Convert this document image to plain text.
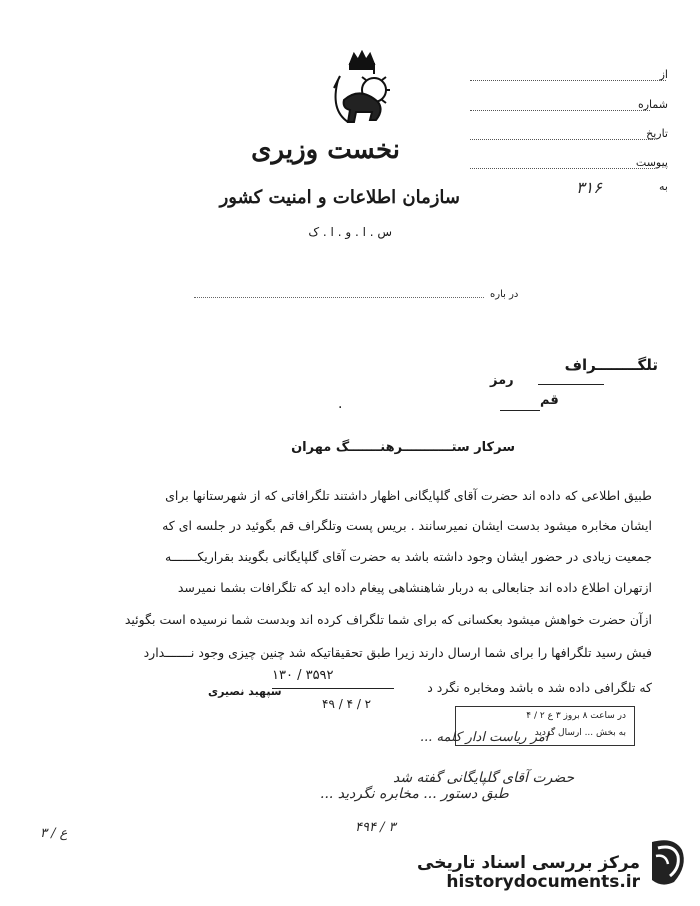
نخست وزیری
سازمان اطلاعات و امنیت کشور
س . ا . و . ا . ک
از
شماره
تاریخ
پیوست
به
۳۱۶
در باره
تلگــــــــراف
رمز
قم
.
سرکار ستـــــــــــرهنـــــــگ مهران
طبیق اطلاعی که داده اند حضرت آقای گلپایگانی اظهار داشتند تلگرافاتی که از شهرستانها برای
ایشان مخابره میشود بدست ایشان نمیرسانند . بریس پست وتلگراف قم بگوئید در جلسه ای که
جمعیت زیادی در حضور ایشان وجود داشته باشد به حضرت آقای گلپایگانی بگویند بقراریکـــــــه
ازتهران اطلاع داده اند جنابعالی به دربار شاهنشاهی پیغام داده اید که تلگرافات بشما نمیرسد
ازآن حضرت خواهش میشود بعکسانی که برای شما تلگراف کرده اند وبدست شما نرسیده است بگوئید
فیش رسید تلگرافها را برای شما ارسال دارند زیرا طبق تحقیقاتیکه شد چنین چیزی وجود نـــــــدارد
که تلگرافی داده شد ه باشد ومخابره نگرد د
۱۳۰ / ۳۵۹۲
۴۹ / ۴ / ۲
سپهبد نصیری
در ساعت ۸ بروز ۳ ع ۲ / ۴
به بخش ... ارسال گردید
امر ریاست ادار کلمه ...
حضرت آقای گلپایگانی گفته شد
طبق دستور ... مخابره نگردید ...
۴۹۴ / ۳
ع / ۳
مرکز بررسی اسناد تاریخی
historydocuments.ir
